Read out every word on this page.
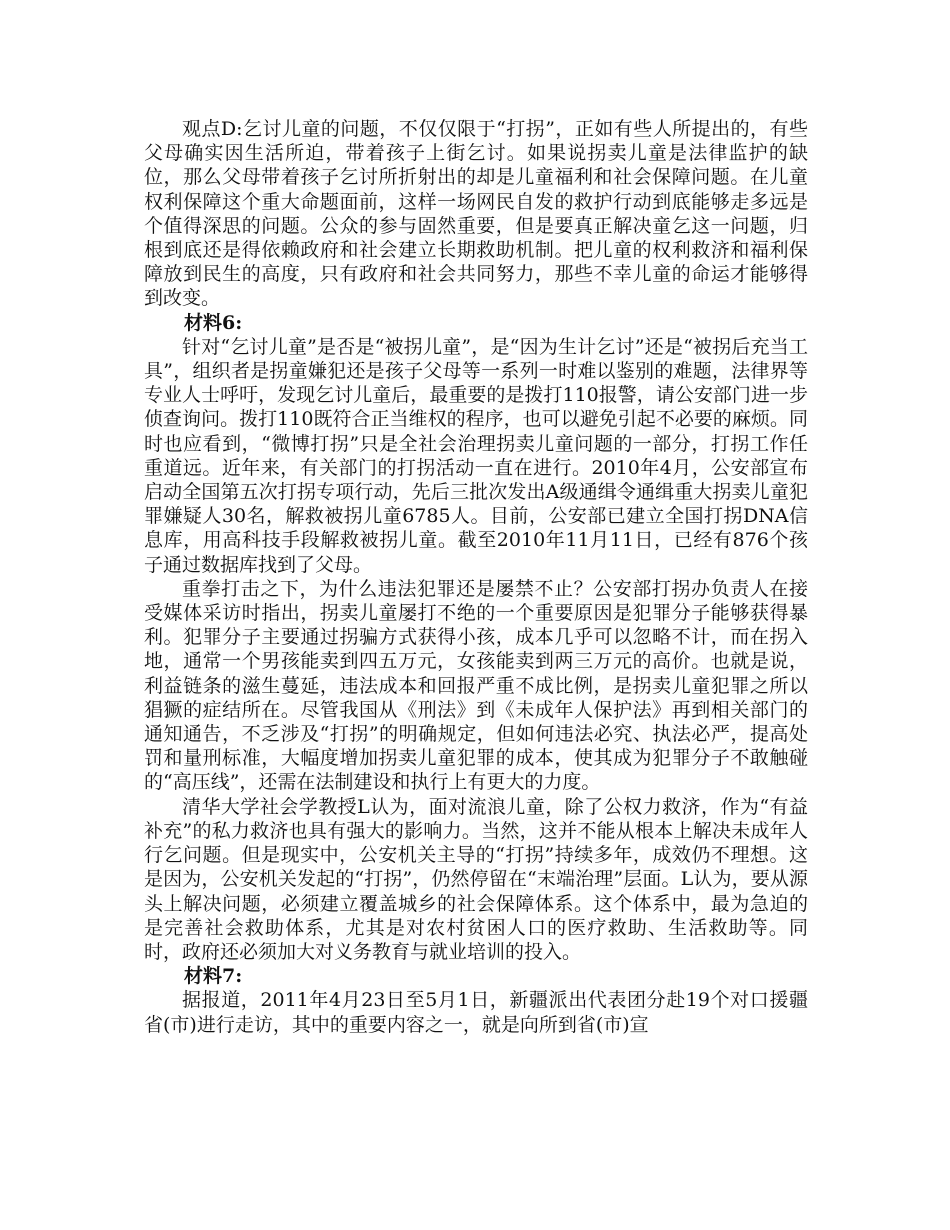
观点D:乞讨儿童的问题，不仅仅限于“打拐”，正如有些人所提出的，有些父母确实因生活所迫，带着孩子上街乞讨。如果说拐卖儿童是法律监护的缺位，那么父母带着孩子乞讨所折射出的却是儿童福利和社会保障问题。在儿童权利保障这个重大命题面前，这样一场网民自发的救护行动到底能够走多远是个值得深思的问题。公众的参与固然重要，但是要真正解决童乞这一问题，归根到底还是得依赖政府和社会建立长期救助机制。把儿童的权利救济和福利保障放到民生的高度，只有政府和社会共同努力，那些不幸儿童的命运才能够得到改变。

材料6:

针对“乞讨儿童”是否是“被拐儿童”，是“因为生计乞讨”还是“被拐后充当工具”，组织者是拐童嫌犯还是孩子父母等一系列一时难以鉴别的难题，法律界等专业人士呼吁，发现乞讨儿童后，最重要的是拨打110报警，请公安部门进一步侦查询问。拨打110既符合正当维权的程序，也可以避免引起不必要的麻烦。同时也应看到，“微博打拐”只是全社会治理拐卖儿童问题的一部分，打拐工作任重道远。近年来，有关部门的打拐活动一直在进行。2010年4月，公安部宣布启动全国第五次打拐专项行动，先后三批次发出A级通缉令通缉重大拐卖儿童犯罪嫌疑人30名，解救被拐儿童6785人。目前，公安部已建立全国打拐DNA信息库，用高科技手段解救被拐儿童。截至2010年11月11日，已经有876个孩子通过数据库找到了父母。

重拳打击之下，为什么违法犯罪还是屡禁不止？公安部打拐办负责人在接受媒体采访时指出，拐卖儿童屡打不绝的一个重要原因是犯罪分子能够获得暴利。犯罪分子主要通过拐骗方式获得小孩，成本几乎可以忽略不计，而在拐入地，通常一个男孩能卖到四五万元，女孩能卖到两三万元的高价。也就是说，利益链条的滋生蔓延，违法成本和回报严重不成比例，是拐卖儿童犯罪之所以猖獗的症结所在。尽管我国从《刑法》到《未成年人保护法》再到相关部门的通知通告，不乏涉及“打拐”的明确规定，但如何违法必究、执法必严，提高处罚和量刑标准，大幅度增加拐卖儿童犯罪的成本，使其成为犯罪分子不敢触碰的“高压线”，还需在法制建设和执行上有更大的力度。

清华大学社会学教授L认为，面对流浪儿童，除了公权力救济，作为“有益补充”的私力救济也具有强大的影响力。当然，这并不能从根本上解决未成年人行乞问题。但是现实中，公安机关主导的“打拐”持续多年，成效仍不理想。这是因为，公安机关发起的“打拐”，仍然停留在“末端治理”层面。L认为，要从源头上解决问题，必须建立覆盖城乡的社会保障体系。这个体系中，最为急迫的是完善社会救助体系，尤其是对农村贫困人口的医疗救助、生活救助等。同时，政府还必须加大对义务教育与就业培训的投入。

材料7:

据报道，2011年4月23日至5月1日，新疆派出代表团分赴19个对口援疆省(市)进行走访，其中的重要内容之一，就是向所到省(市)宣
